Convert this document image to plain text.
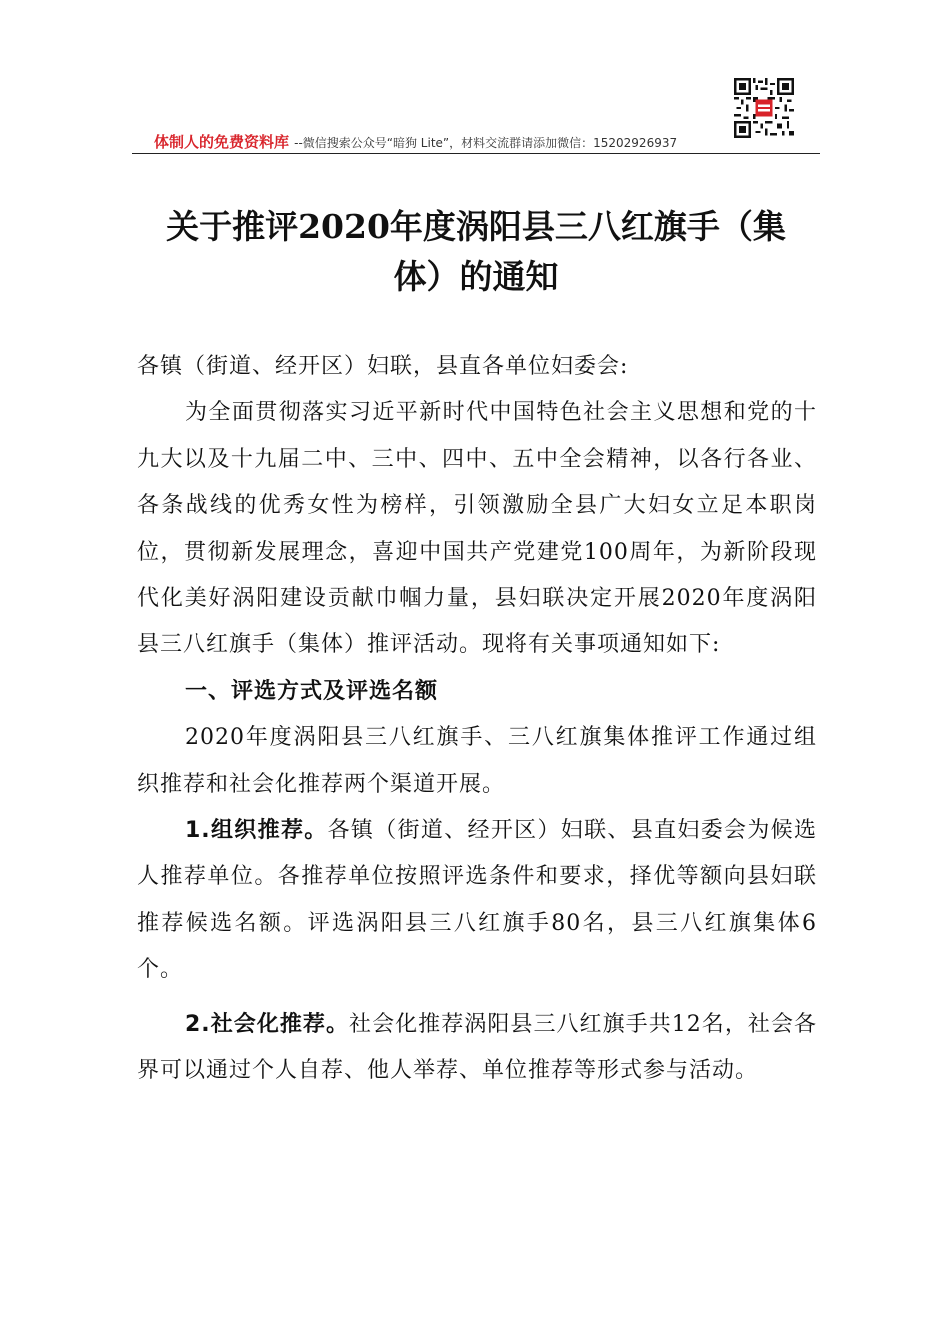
体制人的免费资料库 --微信搜索公众号“暗狗 Lite”，材料交流群请添加微信：15202926937
关于推评2020年度涡阳县三八红旗手（集
体）的通知

各镇（街道、经开区）妇联，县直各单位妇委会:

为全面贯彻落实习近平新时代中国特色社会主义思想和党的十九大以及十九届二中、三中、四中、五中全会精神，以各行各业、各条战线的优秀女性为榜样，引领激励全县广大妇女立足本职岗位，贯彻新发展理念，喜迎中国共产党建党100周年，为新阶段现代化美好涡阳建设贡献巾帼力量，县妇联决定开展2020年度涡阳县三八红旗手（集体）推评活动。现将有关事项通知如下:

一、评选方式及评选名额

2020年度涡阳县三八红旗手、三八红旗集体推评工作通过组织推荐和社会化推荐两个渠道开展。

1.组织推荐。各镇（街道、经开区）妇联、县直妇委会为候选人推荐单位。各推荐单位按照评选条件和要求，择优等额向县妇联推荐候选名额。评选涡阳县三八红旗手80名，县三八红旗集体6个。

2.社会化推荐。社会化推荐涡阳县三八红旗手共12名，社会各界可以通过个人自荐、他人举荐、单位推荐等形式参与活动。
